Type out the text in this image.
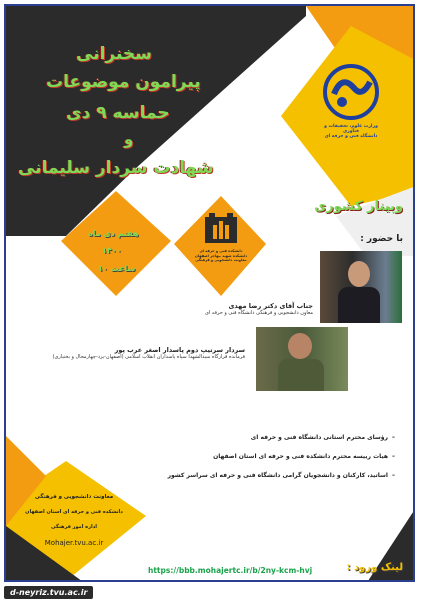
سخنرانی
پیرامون موضوعات
حماسه ۹ دی
و
شهادت سردار سلیمانی
وزارت علوم، تحقیقات و فناوری
دانشگاه فنی و حرفه ای
وبینار کشوری
هفتم دی ماه
۱۴۰۰
ساعت ۱۰
دانشکده فنی و حرفه ای
دانشکده شهید مهاجر اصفهان
معاونت دانشجویی و فرهنگی
با حضور :
جناب آقای دکتر رضا مهدی
معاون دانشجویی و فرهنگی دانشگاه فنی و حرفه ای
سردار سرتیپ دوم پاسدار اصغر عرب پور
فرمانده قرارگاه سیدالشهدا سپاه پاسداران انقلاب اسلامی (اصفهان-یزد-چهارمحال و بختیاری)
– رؤسای محترم استانی دانشگاه فنی و حرفه ای
– هیات رییسه محترم دانشکده فنی و حرفه ای استان اصفهان
– اساتید، کارکنان و دانشجویان گرامی دانشگاه فنی و حرفه ای سراسر کشور
معاونت دانشجویی و فرهنگی
دانشکده فنی و حرفه ای استان اصفهان
اداره امور فرهنگی
Mohajer.tvu.ac.ir
لینک ورود :
https://bbb.mohajertc.ir/b/2ny-kcm-hvj
d-neyriz.tvu.ac.ir
